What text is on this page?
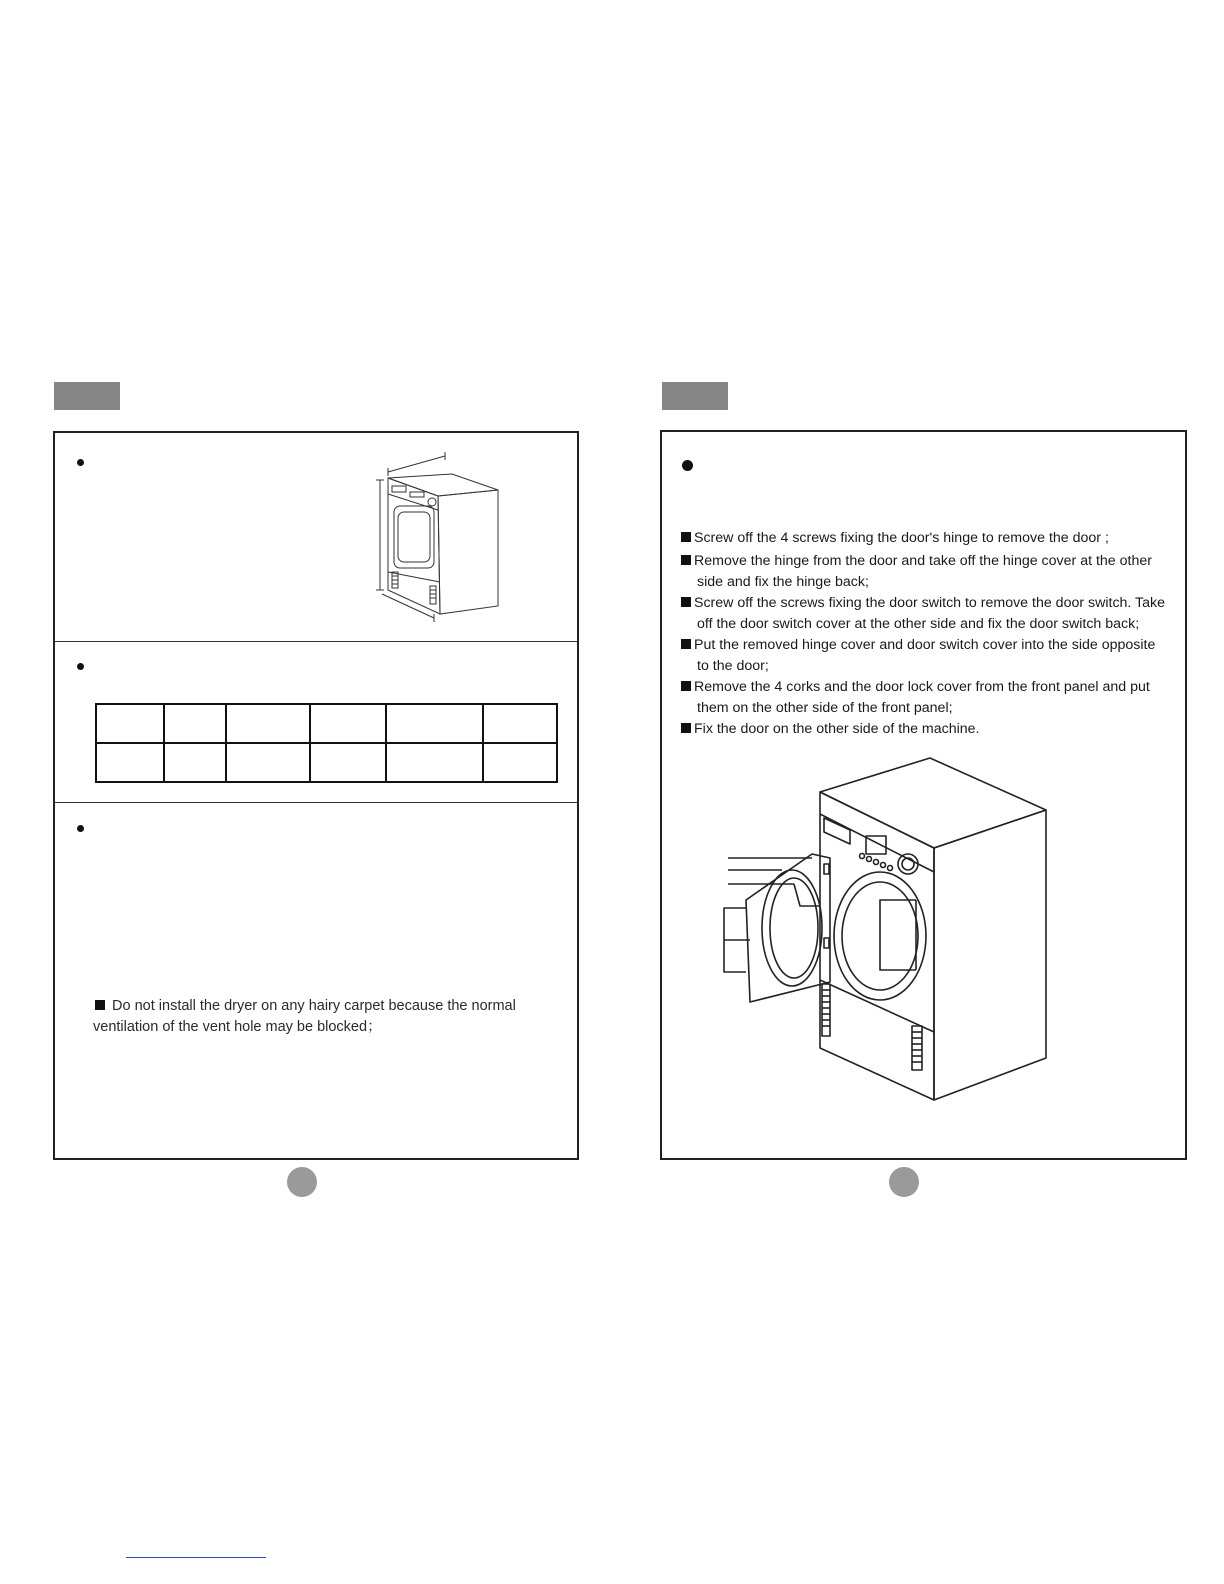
Do not install the dryer on any hairy carpet because the normal
ventilation of the vent hole may be blocked；
Screw off the 4 screws fixing the door's hinge to remove the door ;
Remove the hinge from the door and take off the hinge cover at the other
side and fix the hinge back;
Screw off the screws fixing the door switch to remove the door switch. Take
off the door switch cover at the other side and fix the door switch back;
Put the removed hinge cover and door switch cover into the side opposite
to the door;
Remove the 4 corks and the door lock cover from the front panel and put
them on the other side of the front panel;
Fix the door on the other side of the machine.
